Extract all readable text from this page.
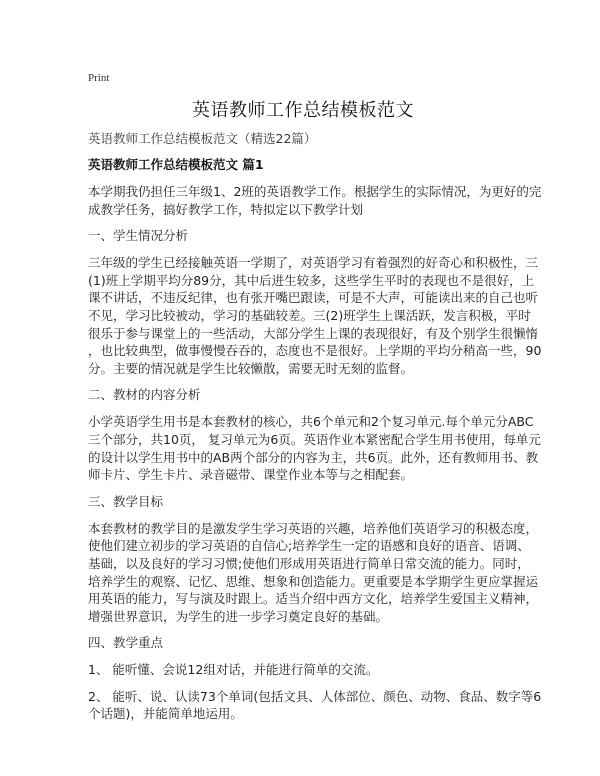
Print
英语教师工作总结模板范文
英语教师工作总结模板范文（精选22篇）
英语教师工作总结模板范文 篇1
本学期我仍担任三年级1、2班的英语教学工作。根据学生的实际情况，为更好的完
成教学任务，搞好教学工作，特拟定以下教学计划
一、学生情况分析
三年级的学生已经接触英语一学期了，对英语学习有着强烈的好奇心和积极性，三
(1)班上学期平均分89分，其中后进生较多，这些学生平时的表现也不是很好，上
课不讲话，不违反纪律，也有张开嘴巴跟读，可是不大声，可能读出来的自己也听
不见，学习比较被动，学习的基础较差。三(2)班学生上课活跃，发言积极，平时
很乐于参与课堂上的一些活动，大部分学生上课的表现很好，有及个别学生很懒惰
，也比较典型，做事慢慢吞吞的，态度也不是很好。上学期的平均分稍高一些，90
分。主要的情况就是学生比较懒散，需要无时无刻的监督。
二、教材的内容分析
小学英语学生用书是本套教材的核心，共6个单元和2个复习单元.每个单元分ABC
三个部分，共10页， 复习单元为6页。英语作业本紧密配合学生用书使用，每单元
的设计以学生用书中的AB两个部分的内容为主，共6页。此外，还有教师用书、教
师卡片、学生卡片、录音磁带、课堂作业本等与之相配套。
三、教学目标
本套教材的教学目的是激发学生学习英语的兴趣，培养他们英语学习的积极态度，
使他们建立初步的学习英语的自信心;培养学生一定的语感和良好的语音、语调、
基础，以及良好的学习习惯;使他们形成用英语进行简单日常交流的能力。同时，
培养学生的观察、记忆、思维、想象和创造能力。更重要是本学期学生更应掌握运
用英语的能力，写与演及时跟上。适当介绍中西方文化，培养学生爱国主义精神，
增强世界意识，为学生的进一步学习奠定良好的基础。
四、教学重点
1、 能听懂、会说12组对话，并能进行简单的交流。
2、 能听、说、认读73个单词(包括文具、人体部位、颜色、动物、食品、数字等6
个话题)，并能简单地运用。
